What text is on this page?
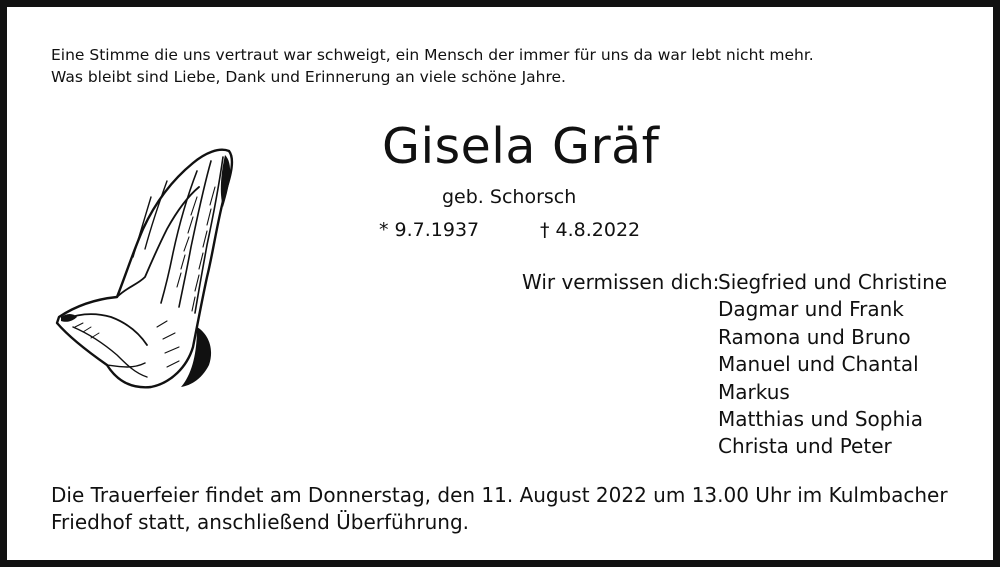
Eine Stimme die uns vertraut war schweigt, ein Mensch der immer für uns da war lebt nicht mehr.
Was bleibt sind Liebe, Dank und Erinnerung an viele schöne Jahre.
Gisela Gräf
geb. Schorsch
* 9.7.1937	† 4.8.2022
Wir vermissen dich:
Siegfried und Christine
Dagmar und Frank
Ramona und Bruno
Manuel und Chantal
Markus
Matthias und Sophia
Christa und Peter
Die Trauerfeier findet am Donnerstag, den 11. August 2022 um 13.00 Uhr im Kulmbacher
Friedhof statt, anschließend Überführung.
